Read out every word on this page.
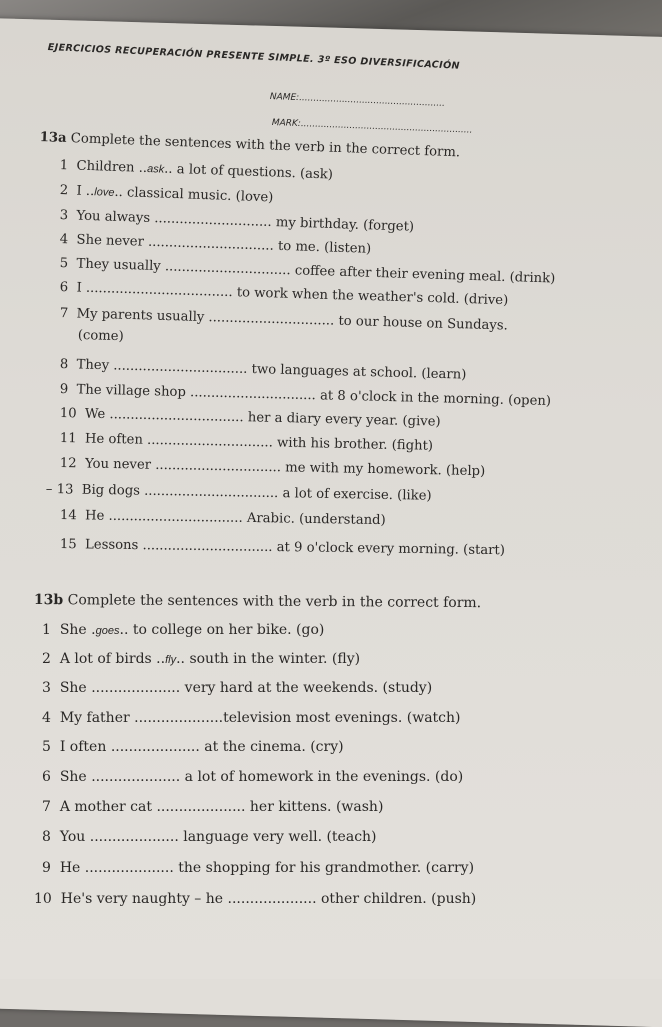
EJERCICIOS RECUPERACIÓN PRESENTE SIMPLE. 3º ESO DIVERSIFICACIÓN
NAME:...................................................
MARK:............................................................
13a Complete the sentences with the verb in the correct form.
1 Children ..ask.. a lot of questions. (ask)
2 I ..love.. classical music. (love)
3 You always ............................ my birthday. (forget)
4 She never .............................. to me. (listen)
5 They usually .............................. coffee after their evening meal. (drink)
6 I ................................... to work when the weather's cold. (drive)
7 My parents usually .............................. to our house on Sundays.
(come)
8 They ................................ two languages at school. (learn)
9 The village shop .............................. at 8 o'clock in the morning. (open)
10 We ................................ her a diary every year. (give)
11 He often .............................. with his brother. (fight)
12 You never .............................. me with my homework. (help)
– 13 Big dogs ................................ a lot of exercise. (like)
14 He ................................ Arabic. (understand)
15 Lessons ............................... at 9 o'clock every morning. (start)
13b Complete the sentences with the verb in the correct form.
1 She .goes.. to college on her bike. (go)
2 A lot of birds ..fly.. south in the winter. (fly)
3 She .................... very hard at the weekends. (study)
4 My father ....................television most evenings. (watch)
5 I often .................... at the cinema. (cry)
6 She .................... a lot of homework in the evenings. (do)
7 A mother cat .................... her kittens. (wash)
8 You .................... language very well. (teach)
9 He .................... the shopping for his grandmother. (carry)
10 He's very naughty – he .................... other children. (push)
